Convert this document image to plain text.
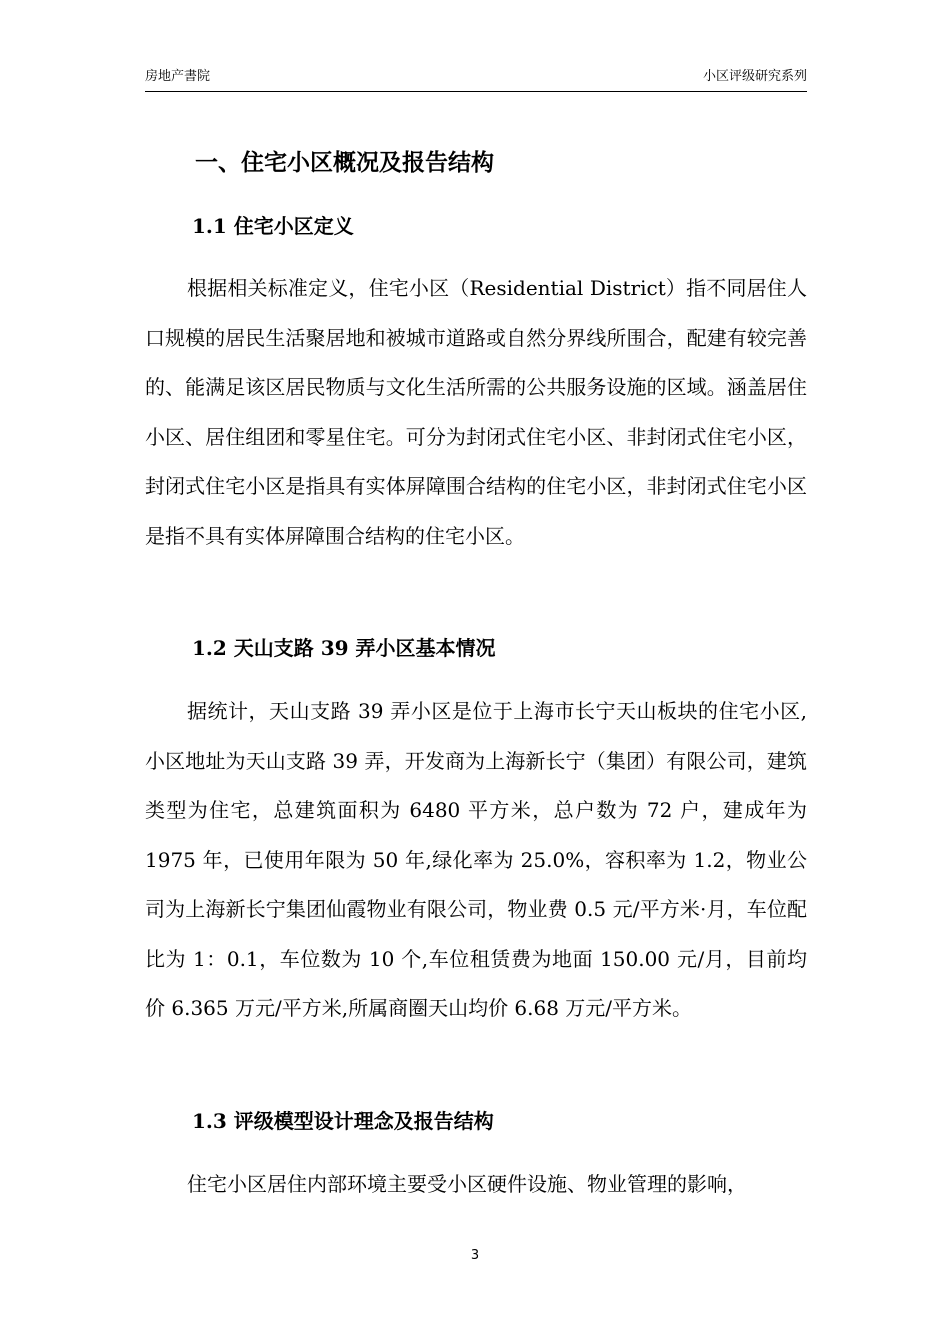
房地产書院	小区评级研究系列
一、住宅小区概况及报告结构
1.1 住宅小区定义
根据相关标准定义，住宅小区（Residential District）指不同居住人口规模的居民生活聚居地和被城市道路或自然分界线所围合，配建有较完善的、能满足该区居民物质与文化生活所需的公共服务设施的区域。涵盖居住小区、居住组团和零星住宅。可分为封闭式住宅小区、非封闭式住宅小区，封闭式住宅小区是指具有实体屏障围合结构的住宅小区，非封闭式住宅小区是指不具有实体屏障围合结构的住宅小区。
1.2 天山支路 39 弄小区基本情况
据统计，天山支路 39 弄小区是位于上海市长宁天山板块的住宅小区,小区地址为天山支路 39 弄，开发商为上海新长宁（集团）有限公司，建筑类型为住宅，总建筑面积为 6480 平方米，总户数为 72 户，建成年为 1975 年，已使用年限为 50 年,绿化率为 25.0%，容积率为 1.2，物业公司为上海新长宁集团仙霞物业有限公司，物业费 0.5 元/平方米·月，车位配比为 1：0.1，车位数为 10 个,车位租赁费为地面 150.00 元/月，目前均价 6.365 万元/平方米,所属商圈天山均价 6.68 万元/平方米。
1.3 评级模型设计理念及报告结构
住宅小区居住内部环境主要受小区硬件设施、物业管理的影响，
3
